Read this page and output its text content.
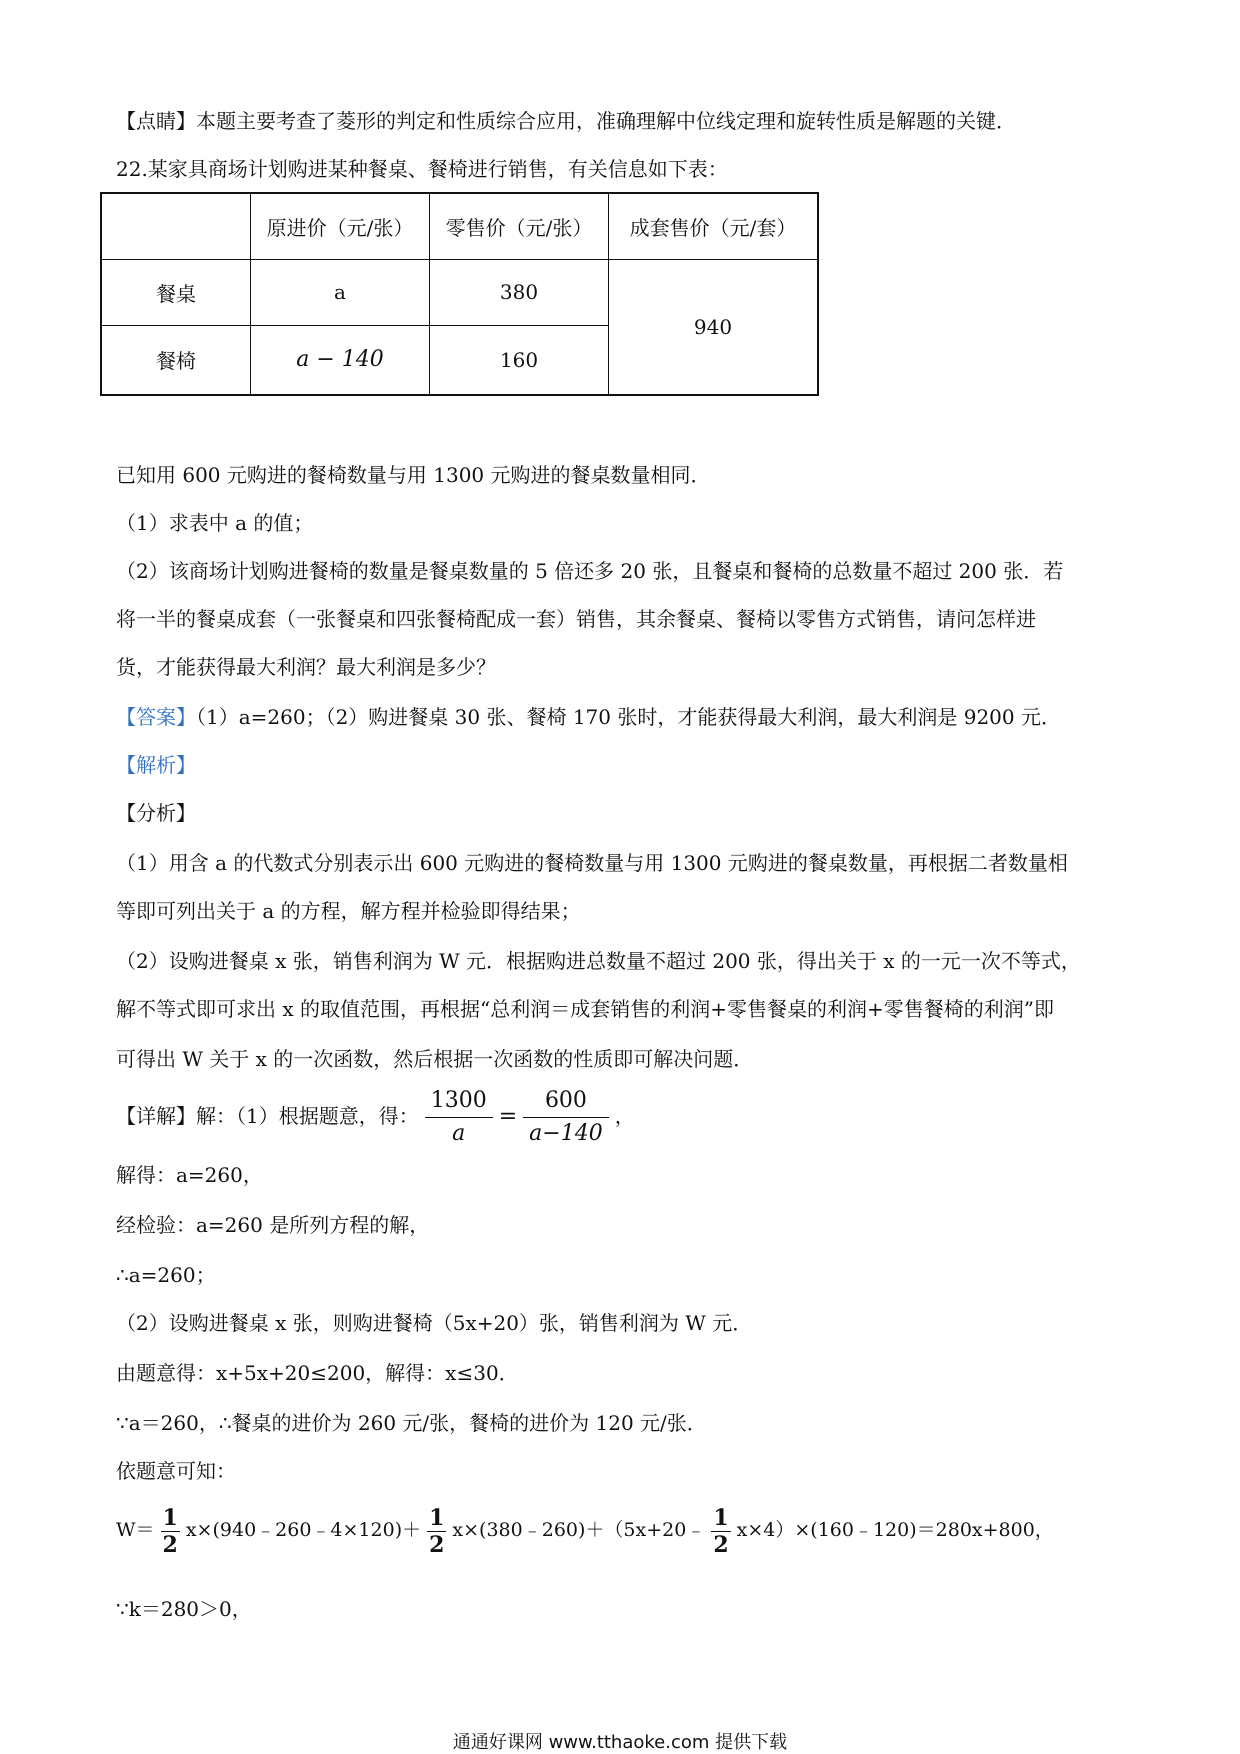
【点睛】本题主要考查了菱形的判定和性质综合应用，准确理解中位线定理和旋转性质是解题的关键．
22.某家具商场计划购进某种餐桌、餐椅进行销售，有关信息如下表：
	原进价（元/张）	零售价（元/张）	成套售价（元/套）
餐桌	a	380	940
餐椅	a − 140	160	
已知用 600 元购进的餐椅数量与用 1300 元购进的餐桌数量相同．
（1）求表中 a 的值；
（2）该商场计划购进餐椅的数量是餐桌数量的 5 倍还多 20 张，且餐桌和餐椅的总数量不超过 200 张．若
将一半的餐桌成套（一张餐桌和四张餐椅配成一套）销售，其余餐桌、餐椅以零售方式销售，请问怎样进
货，才能获得最大利润？最大利润是多少？
【答案】（1）a=260；（2）购进餐桌 30 张、餐椅 170 张时，才能获得最大利润，最大利润是 9200 元．
【解析】
【分析】
（1）用含 a 的代数式分别表示出 600 元购进的餐椅数量与用 1300 元购进的餐桌数量，再根据二者数量相
等即可列出关于 a 的方程，解方程并检验即得结果；
（2）设购进餐桌 x 张，销售利润为 W 元．根据购进总数量不超过 200 张，得出关于 x 的一元一次不等式，
解不等式即可求出 x 的取值范围，再根据“总利润＝成套销售的利润+零售餐桌的利润+零售餐椅的利润”即
可得出 W 关于 x 的一次函数，然后根据一次函数的性质即可解决问题．
【详解】解：（1）根据题意，得： $\frac{1300}{a} = \frac{600}{a-140}$ ，
解得：a=260，
经检验：a=260 是所列方程的解，
∴a=260；
（2）设购进餐桌 x 张，则购进餐椅（5x+20）张，销售利润为 W 元．
由题意得：x+5x+20≤200，解得：x≤30．
∵a＝260，∴餐桌的进价为 260 元/张，餐椅的进价为 120 元/张．
依题意可知：
$W= \frac{1}{2}$ x×(940﹣260﹣4×120)＋ $\frac{1}{2}$ x×(380﹣260)＋（5x+20﹣ $\frac{1}{2}$ x×4）×(160﹣120)＝280x+800，
∵k＝280＞0，
通通好课网 www.tthaoke.com 提供下载
